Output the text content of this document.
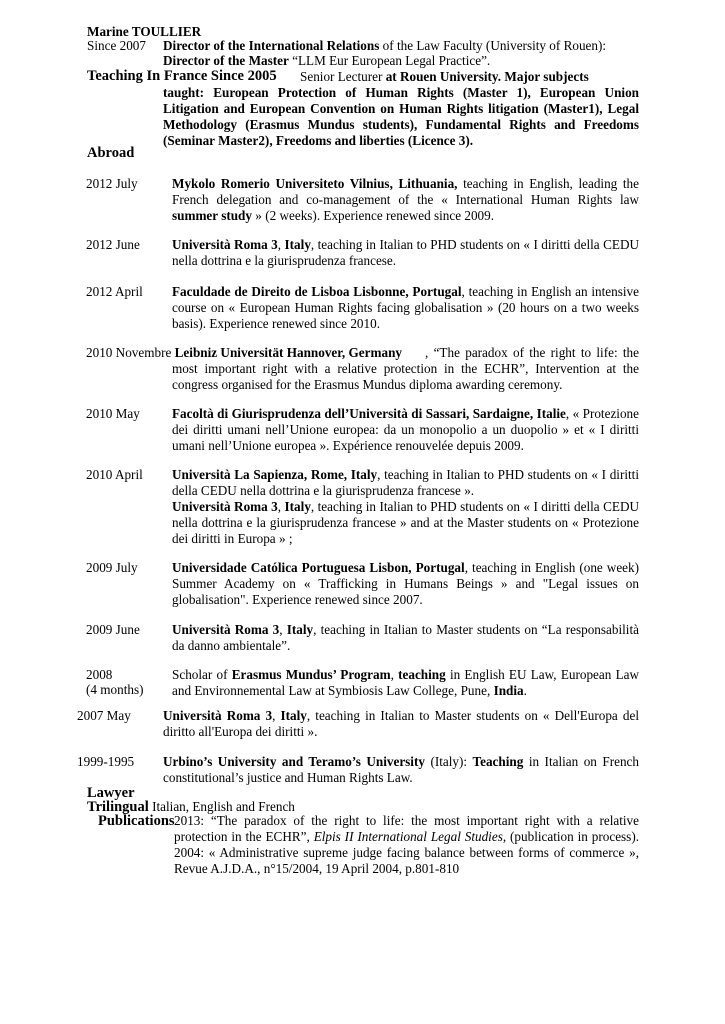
Marine TOULLIER
Since 2007 Director of the International Relations of the Law Faculty (University of Rouen):
Director of the Master “LLM Eur European Legal Practice”.
Teaching In France Since 2005 Senior Lecturer at Rouen University. Major subjects
taught: European Protection of Human Rights (Master 1), European Union Litigation and European Convention on Human Rights litigation (Master1), Legal Methodology (Erasmus Mundus students), Fundamental Rights and Freedoms (Seminar Master2), Freedoms and liberties (Licence 3).
Abroad
2012 July	Mykolo Romerio Universiteto Vilnius, Lithuania, teaching in English, leading the French delegation and co-management of the « International Human Rights law summer study » (2 weeks). Experience renewed since 2009.
2012 June Università Roma 3, Italy, teaching in Italian to PHD students on « I diritti della CEDU nella dottrina e la giurisprudenza francese.
2012 April Faculdade de Direito de Lisboa Lisbonne, Portugal, teaching in English an intensive course on « European Human Rights facing globalisation » (20 hours on a two weeks basis). Experience renewed since 2010.
2010 Novembre Leibniz Universität Hannover, Germany	, “The paradox of the right to life: the most important right with a relative protection in the ECHR”, Intervention at the congress organised for the Erasmus Mundus diploma awarding ceremony.
2010 May Facoltà di Giurisprudenza dell’Università di Sassari, Sardaigne, Italie, « Protezione dei diritti umani nell’Unione europea: da un monopolio a un duopolio » et « I diritti umani nell’Unione europea ». Expérience renouvelée depuis 2009.
2010 April Università La Sapienza, Rome, Italy, teaching in Italian to PHD students on « I diritti della CEDU nella dottrina e la giurisprudenza francese ».
Università Roma 3, Italy, teaching in Italian to PHD students on « I diritti della CEDU nella dottrina e la giurisprudenza francese » and at the Master students on « Protezione dei diritti in Europa » ;
2009 July	Universidade Católica Portuguesa Lisbon, Portugal, teaching in English (one week) Summer Academy on « Trafficking in Humans Beings » and "Legal issues on globalisation". Experience renewed since 2007.
2009 June Università Roma 3, Italy, teaching in Italian to Master students on “La responsabilità da danno ambientale”.
2008
(4 months)
Scholar of Erasmus Mundus’ Program, teaching in English EU Law, European Law and Environnemental Law at Symbiosis Law College, Pune, India.
2007 May Università Roma 3, Italy, teaching in Italian to Master students on « Dell'Europa del diritto all'Europa dei diritti ».
1999-1995 Urbino’s University and Teramo’s University (Italy): Teaching in Italian on French constitutional’s justice and Human Rights Law.
Lawyer
Trilingual Italian, English and French
Publications 2013: “The paradox of the right to life: the most important right with a relative protection in the ECHR”, Elpis II International Legal Studies, (publication in process). 2004: « Administrative supreme judge facing balance between forms of commerce », Revue A.J.D.A., n°15/2004, 19 April 2004, p.801-810
